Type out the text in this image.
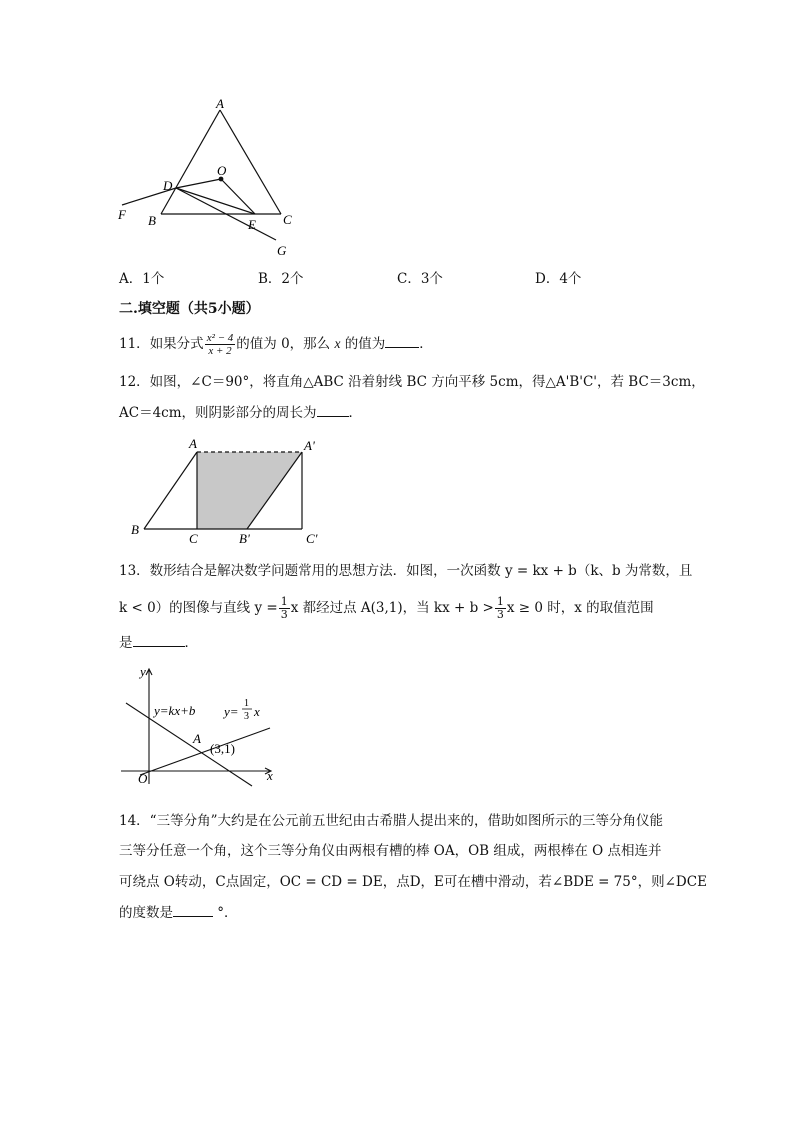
A
O
D
F B	E C
G
A．1个	B．2个	C．3个	D．4个
二.填空题（共5小题）
11．如果分式 $\frac{\text{x² − 4}}{x + 2}$ 的值为 0，那么 x 的值为	．
12．如图，∠C＝90°，将直角△ABC 沿着射线 BC 方向平移 5cm，得△A'B'C'，若 BC＝3cm，
AC＝4cm，则阴影部分的周长为 ．
A	A'
B
C	B'	C'
13．数形结合是解决数学问题常用的思想方法．如图，一次函数 y = kx + b（k、b 为常数，且
k < 0）的图像与直线 $y = \frac{1}{3}$ x 都经过点 A(3,1)，当 kx + $b > \frac{1}{3}$ x ≥ 0 时，x 的取值范围
是	．
y
x
O
y=kx+b y=
1
3 x
A
(3,1)
14．“三等分角”大约是在公元前五世纪由古希腊人提出来的，借助如图所示的三等分角仪能
三等分任意一个角，这个三等分角仪由两根有槽的棒 OA，OB 组成，两根棒在 O 点相连并
可绕点 O转动，C点固定，OC = CD = DE，点D，E可在槽中滑动，若∠BDE = 75°，则∠DCE
的度数是	°．
